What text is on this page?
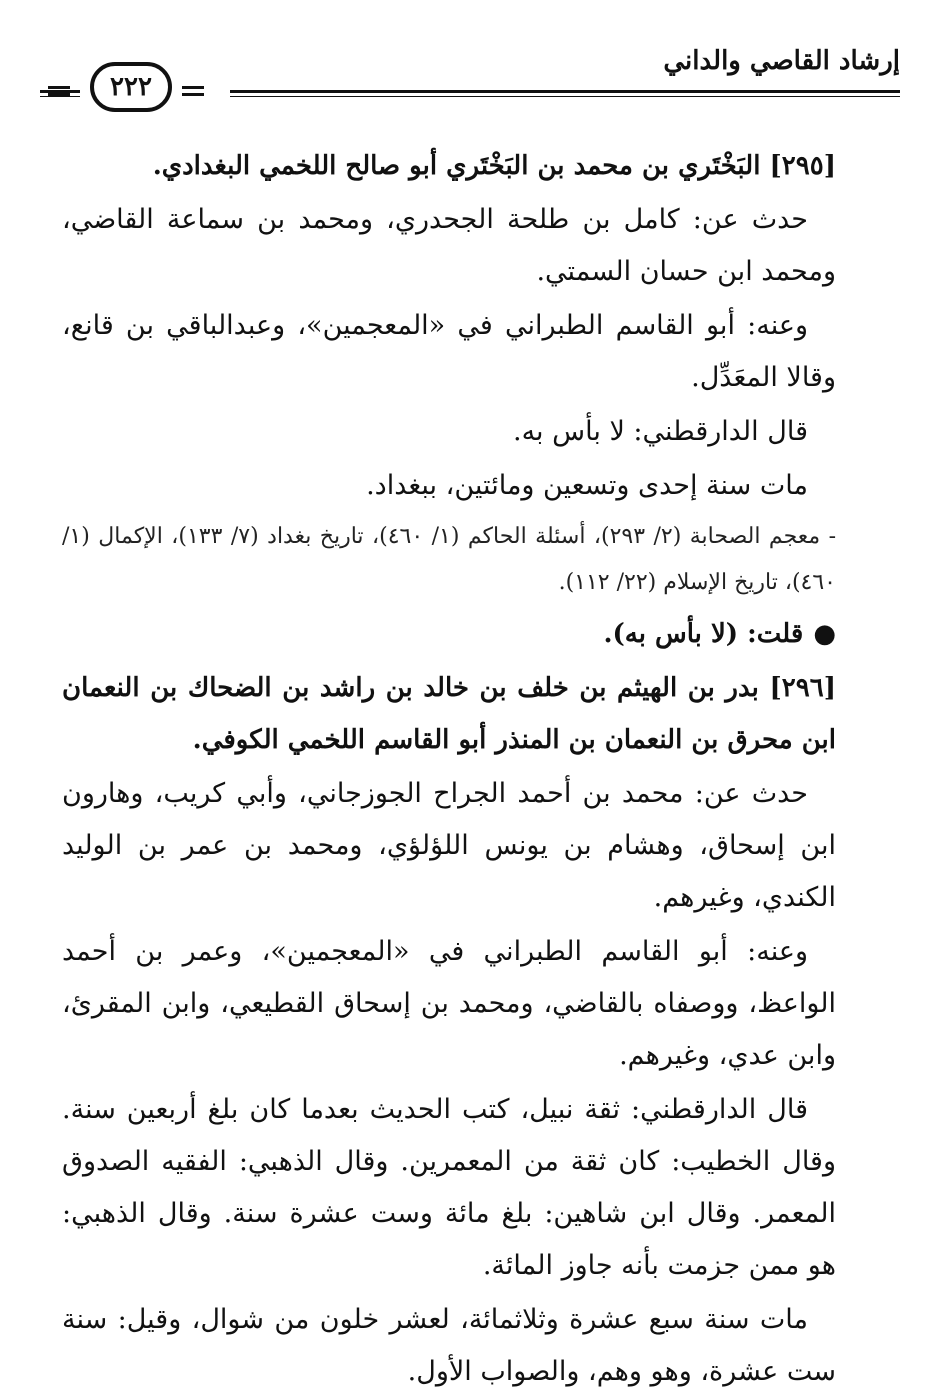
٢٢٢
إرشاد القاصي والداني

[٢٩٥] البَخْتَري بن محمد بن البَخْتَري أبو صالح اللخمي البغدادي.

حدث عن: كامل بن طلحة الجحدري، ومحمد بن سماعة القاضي، ومحمد ابن حسان السمتي.

وعنه: أبو القاسم الطبراني في «المعجمين»، وعبدالباقي بن قانع، وقالا المعَدِّل.

قال الدارقطني: لا بأس به.

مات سنة إحدى وتسعين ومائتين، ببغداد.

- معجم الصحابة (٢/ ٢٩٣)، أسئلة الحاكم (١/ ٤٦٠)، تاريخ بغداد (٧/ ١٣٣)، الإكمال (١/ ٤٦٠)، تاريخ الإسلام (٢٢/ ١١٢).

●قلت: (لا بأس به).

[٢٩٦] بدر بن الهيثم بن خلف بن خالد بن راشد بن الضحاك بن النعمان ابن محرق بن النعمان بن المنذر أبو القاسم اللخمي الكوفي.

حدث عن: محمد بن أحمد الجراح الجوزجاني، وأبي كريب، وهارون ابن إسحاق، وهشام بن يونس اللؤلؤي، ومحمد بن عمر بن الوليد الكندي، وغيرهم.

وعنه: أبو القاسم الطبراني في «المعجمين»، وعمر بن أحمد الواعظ، ووصفاه بالقاضي، ومحمد بن إسحاق القطيعي، وابن المقرئ، وابن عدي، وغيرهم.

قال الدارقطني: ثقة نبيل، كتب الحديث بعدما كان بلغ أربعين سنة. وقال الخطيب: كان ثقة من المعمرين. وقال الذهبي: الفقيه الصدوق المعمر. وقال ابن شاهين: بلغ مائة وست عشرة سنة. وقال الذهبي: هو ممن جزمت بأنه جاوز المائة.

مات سنة سبع عشرة وثلاثمائة، لعشر خلون من شوال، وقيل: سنة ست عشرة، وهو وهم، والصواب الأول.
